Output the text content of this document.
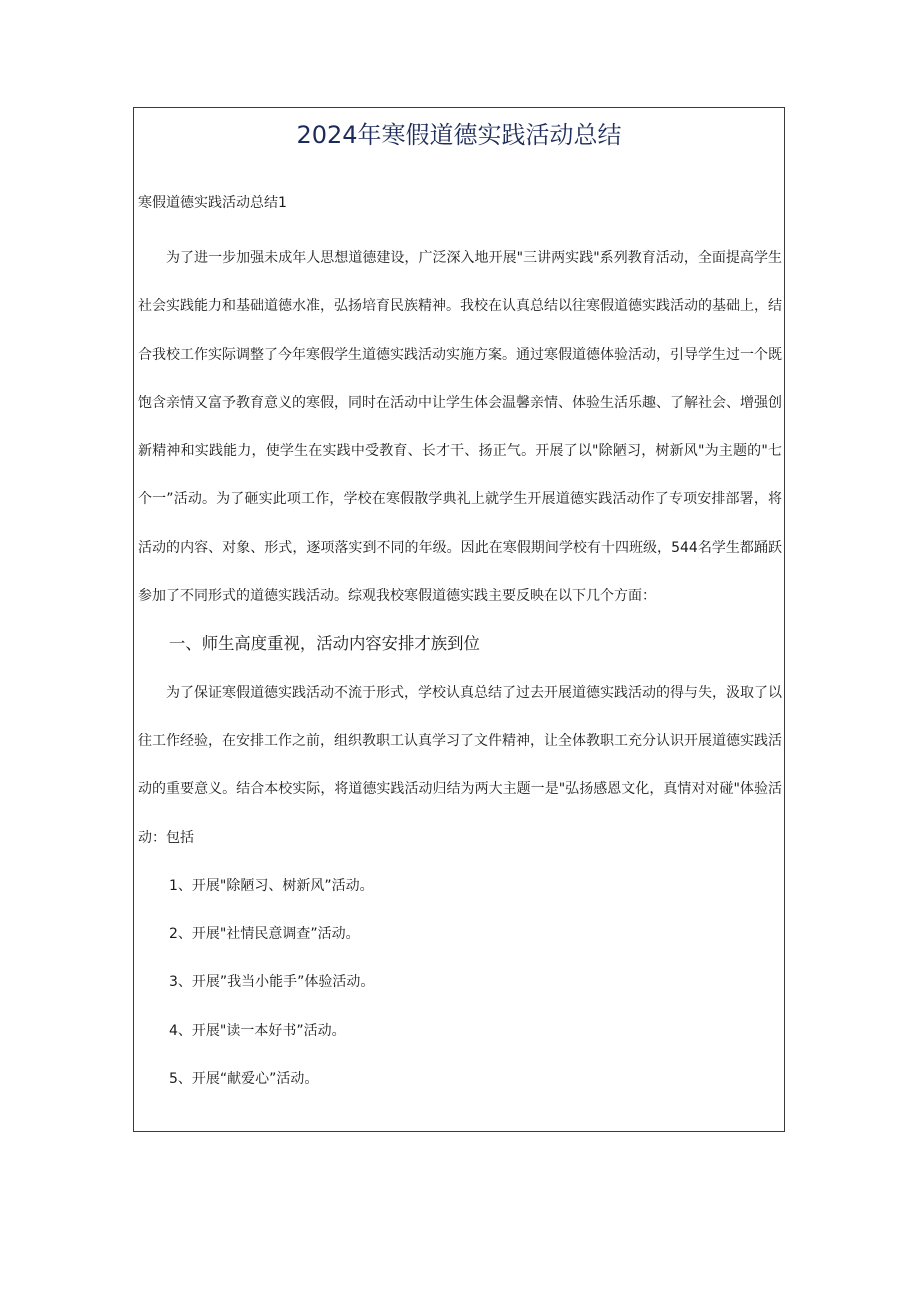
2024年寒假道德实践活动总结
寒假道德实践活动总结1

为了进一步加强未成年人思想道德建设，广泛深入地开展"三讲两实践"系列教育活动，全面提高学生社会实践能力和基础道德水准，弘扬培育民族精神。我校在认真总结以往寒假道德实践活动的基础上，结合我校工作实际调整了今年寒假学生道德实践活动实施方案。通过寒假道德体验活动，引导学生过一个既饱含亲情又富予教育意义的寒假，同时在活动中让学生体会温馨亲情、体验生活乐趣、了解社会、增强创新精神和实践能力，使学生在实践中受教育、长才干、扬正气。开展了以"除陋习，树新风"为主题的"七个一”活动。为了砸实此项工作，学校在寒假散学典礼上就学生开展道德实践活动作了专项安排部署，将活动的内容、对象、形式，逐项落实到不同的年级。因此在寒假期间学校有十四班级，544名学生都踊跃参加了不同形式的道德实践活动。综观我校寒假道德实践主要反映在以下几个方面：

一、师生高度重视，活动内容安排才族到位

为了保证寒假道德实践活动不流于形式，学校认真总结了过去开展道德实践活动的得与失，汲取了以往工作经验，在安排工作之前，组织教职工认真学习了文件精神，让全体教职工充分认识开展道德实践活动的重要意义。结合本校实际，将道德实践活动归结为两大主题一是"弘扬感恩文化，真情对对碰"体验活动：包括

1、开展"除陋习、树新风”活动。

2、开展"社情民意调查”活动。

3、开展”我当小能手”体验活动。

4、开展"读一本好书”活动。

5、开展“献爱心”活动。
